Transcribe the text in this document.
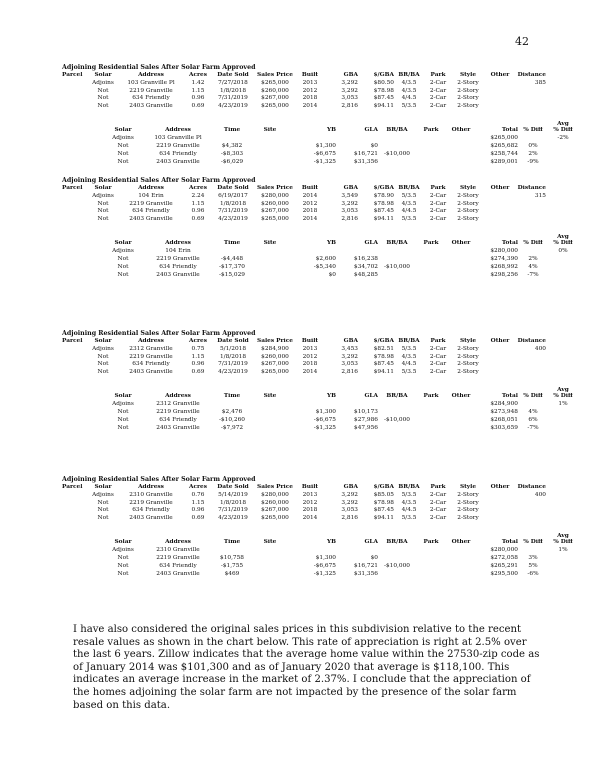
42
Adjoining Residential Sales After Solar Farm Approved
Parcel	Solar	Address	Acres	Date Sold	Sales Price	Built	GBA	$/GBA	BR/BA	Park	Style	Other	Distance
	Adjoins	103 Granville Pl	1.42	7/27/2018	$265,000	2013	3,292	$80.50	4/3.5	2-Car	2-Story		385
	Not	2219 Granville	1.15	1/8/2018	$260,000	2012	3,292	$78.98	4/3.5	2-Car	2-Story		
	Not	634 Friendly	0.96	7/31/2019	$267,000	2018	3,053	$87.45	4/4.5	2-Car	2-Story		
	Not	2403 Granville	0.69	4/23/2019	$265,000	2014	2,816	$94.11	5/3.5	2-Car	2-Story		
											Avg
Solar	Address	Time	Site	YB	GLA	BR/BA	Park	Other	Total	% Diff	% Diff
Adjoins	103 Granville Pl								$265,000		-2%
Not	2219 Granville	$4,382		$1,300	$0				$265,682	0%	
Not	634 Friendly	-$8,303		-$6,675	$16,721	-$10,000			$258,744	2%	
Not	2403 Granville	-$6,029		-$1,325	$31,356				$289,001	-9%	
Adjoining Residential Sales After Solar Farm Approved
Parcel	Solar	Address	Acres	Date Sold	Sales Price	Built	GBA	$/GBA	BR/BA	Park	Style	Other	Distance
	Adjoins	104 Erin	2.24	6/19/2017	$280,000	2014	3,549	$78.90	5/3.5	2-Car	2-Story		315
	Not	2219 Granville	1.15	1/8/2018	$260,000	2012	3,292	$78.98	4/3.5	2-Car	2-Story		
	Not	634 Friendly	0.96	7/31/2019	$267,000	2018	3,053	$87.45	4/4.5	2-Car	2-Story		
	Not	2403 Granville	0.69	4/23/2019	$265,000	2014	2,816	$94.11	5/3.5	2-Car	2-Story		
											Avg
Solar	Address	Time	Site	YB	GLA	BR/BA	Park	Other	Total	% Diff	% Diff
Adjoins	104 Erin								$280,000		0%
Not	2219 Granville	-$4,448		$2,600	$16,238				$274,390	2%	
Not	634 Friendly	-$17,370		-$5,340	$34,702	-$10,000			$268,992	4%	
Not	2403 Granville	-$15,029		$0	$48,285				$298,256	-7%	
Adjoining Residential Sales After Solar Farm Approved
Parcel	Solar	Address	Acres	Date Sold	Sales Price	Built	GBA	$/GBA	BR/BA	Park	Style	Other	Distance
	Adjoins	2312 Granville	0.75	5/1/2018	$284,900	2013	3,453	$82.51	5/3.5	2-Car	2-Story		400
	Not	2219 Granville	1.15	1/8/2018	$260,000	2012	3,292	$78.98	4/3.5	2-Car	2-Story		
	Not	634 Friendly	0.96	7/31/2019	$267,000	2018	3,053	$87.45	4/4.5	2-Car	2-Story		
	Not	2403 Granville	0.69	4/23/2019	$265,000	2014	2,816	$94.11	5/3.5	2-Car	2-Story		
											Avg
Solar	Address	Time	Site	YB	GLA	BR/BA	Park	Other	Total	% Diff	% Diff
Adjoins	2312 Granville								$284,900		1%
Not	2219 Granville	$2,476		$1,300	$10,173				$273,948	4%	
Not	634 Friendly	-$10,260		-$6,675	$27,986	-$10,000			$268,051	6%	
Not	2403 Granville	-$7,972		-$1,325	$47,956				$303,659	-7%	
Adjoining Residential Sales After Solar Farm Approved
Parcel	Solar	Address	Acres	Date Sold	Sales Price	Built	GBA	$/GBA	BR/BA	Park	Style	Other	Distance
	Adjoins	2310 Granville	0.76	5/14/2019	$280,000	2013	3,292	$85.05	5/3.5	2-Car	2-Story		400
	Not	2219 Granville	1.15	1/8/2018	$260,000	2012	3,292	$78.98	4/3.5	2-Car	2-Story		
	Not	634 Friendly	0.96	7/31/2019	$267,000	2018	3,053	$87.45	4/4.5	2-Car	2-Story		
	Not	2403 Granville	0.69	4/23/2019	$265,000	2014	2,816	$94.11	5/3.5	2-Car	2-Story		
											Avg
Solar	Address	Time	Site	YB	GLA	BR/BA	Park	Other	Total	% Diff	% Diff
Adjoins	2310 Granville								$280,000		1%
Not	2219 Granville	$10,758		$1,300	$0				$272,058	3%	
Not	634 Friendly	-$1,755		-$6,675	$16,721	-$10,000			$265,291	5%	
Not	2403 Granville	$469		-$1,325	$31,356				$295,500	-6%	

I have also considered the original sales prices in this subdivision relative to the recent resale values as shown in the chart below. This rate of appreciation is right at 2.5% over the last 6 years. Zillow indicates that the average home value within the 27530-zip code as of January 2014 was $101,300 and as of January 2020 that average is $118,100. This indicates an average increase in the market of 2.37%. I conclude that the appreciation of the homes adjoining the solar farm are not impacted by the presence of the solar farm based on this data.
